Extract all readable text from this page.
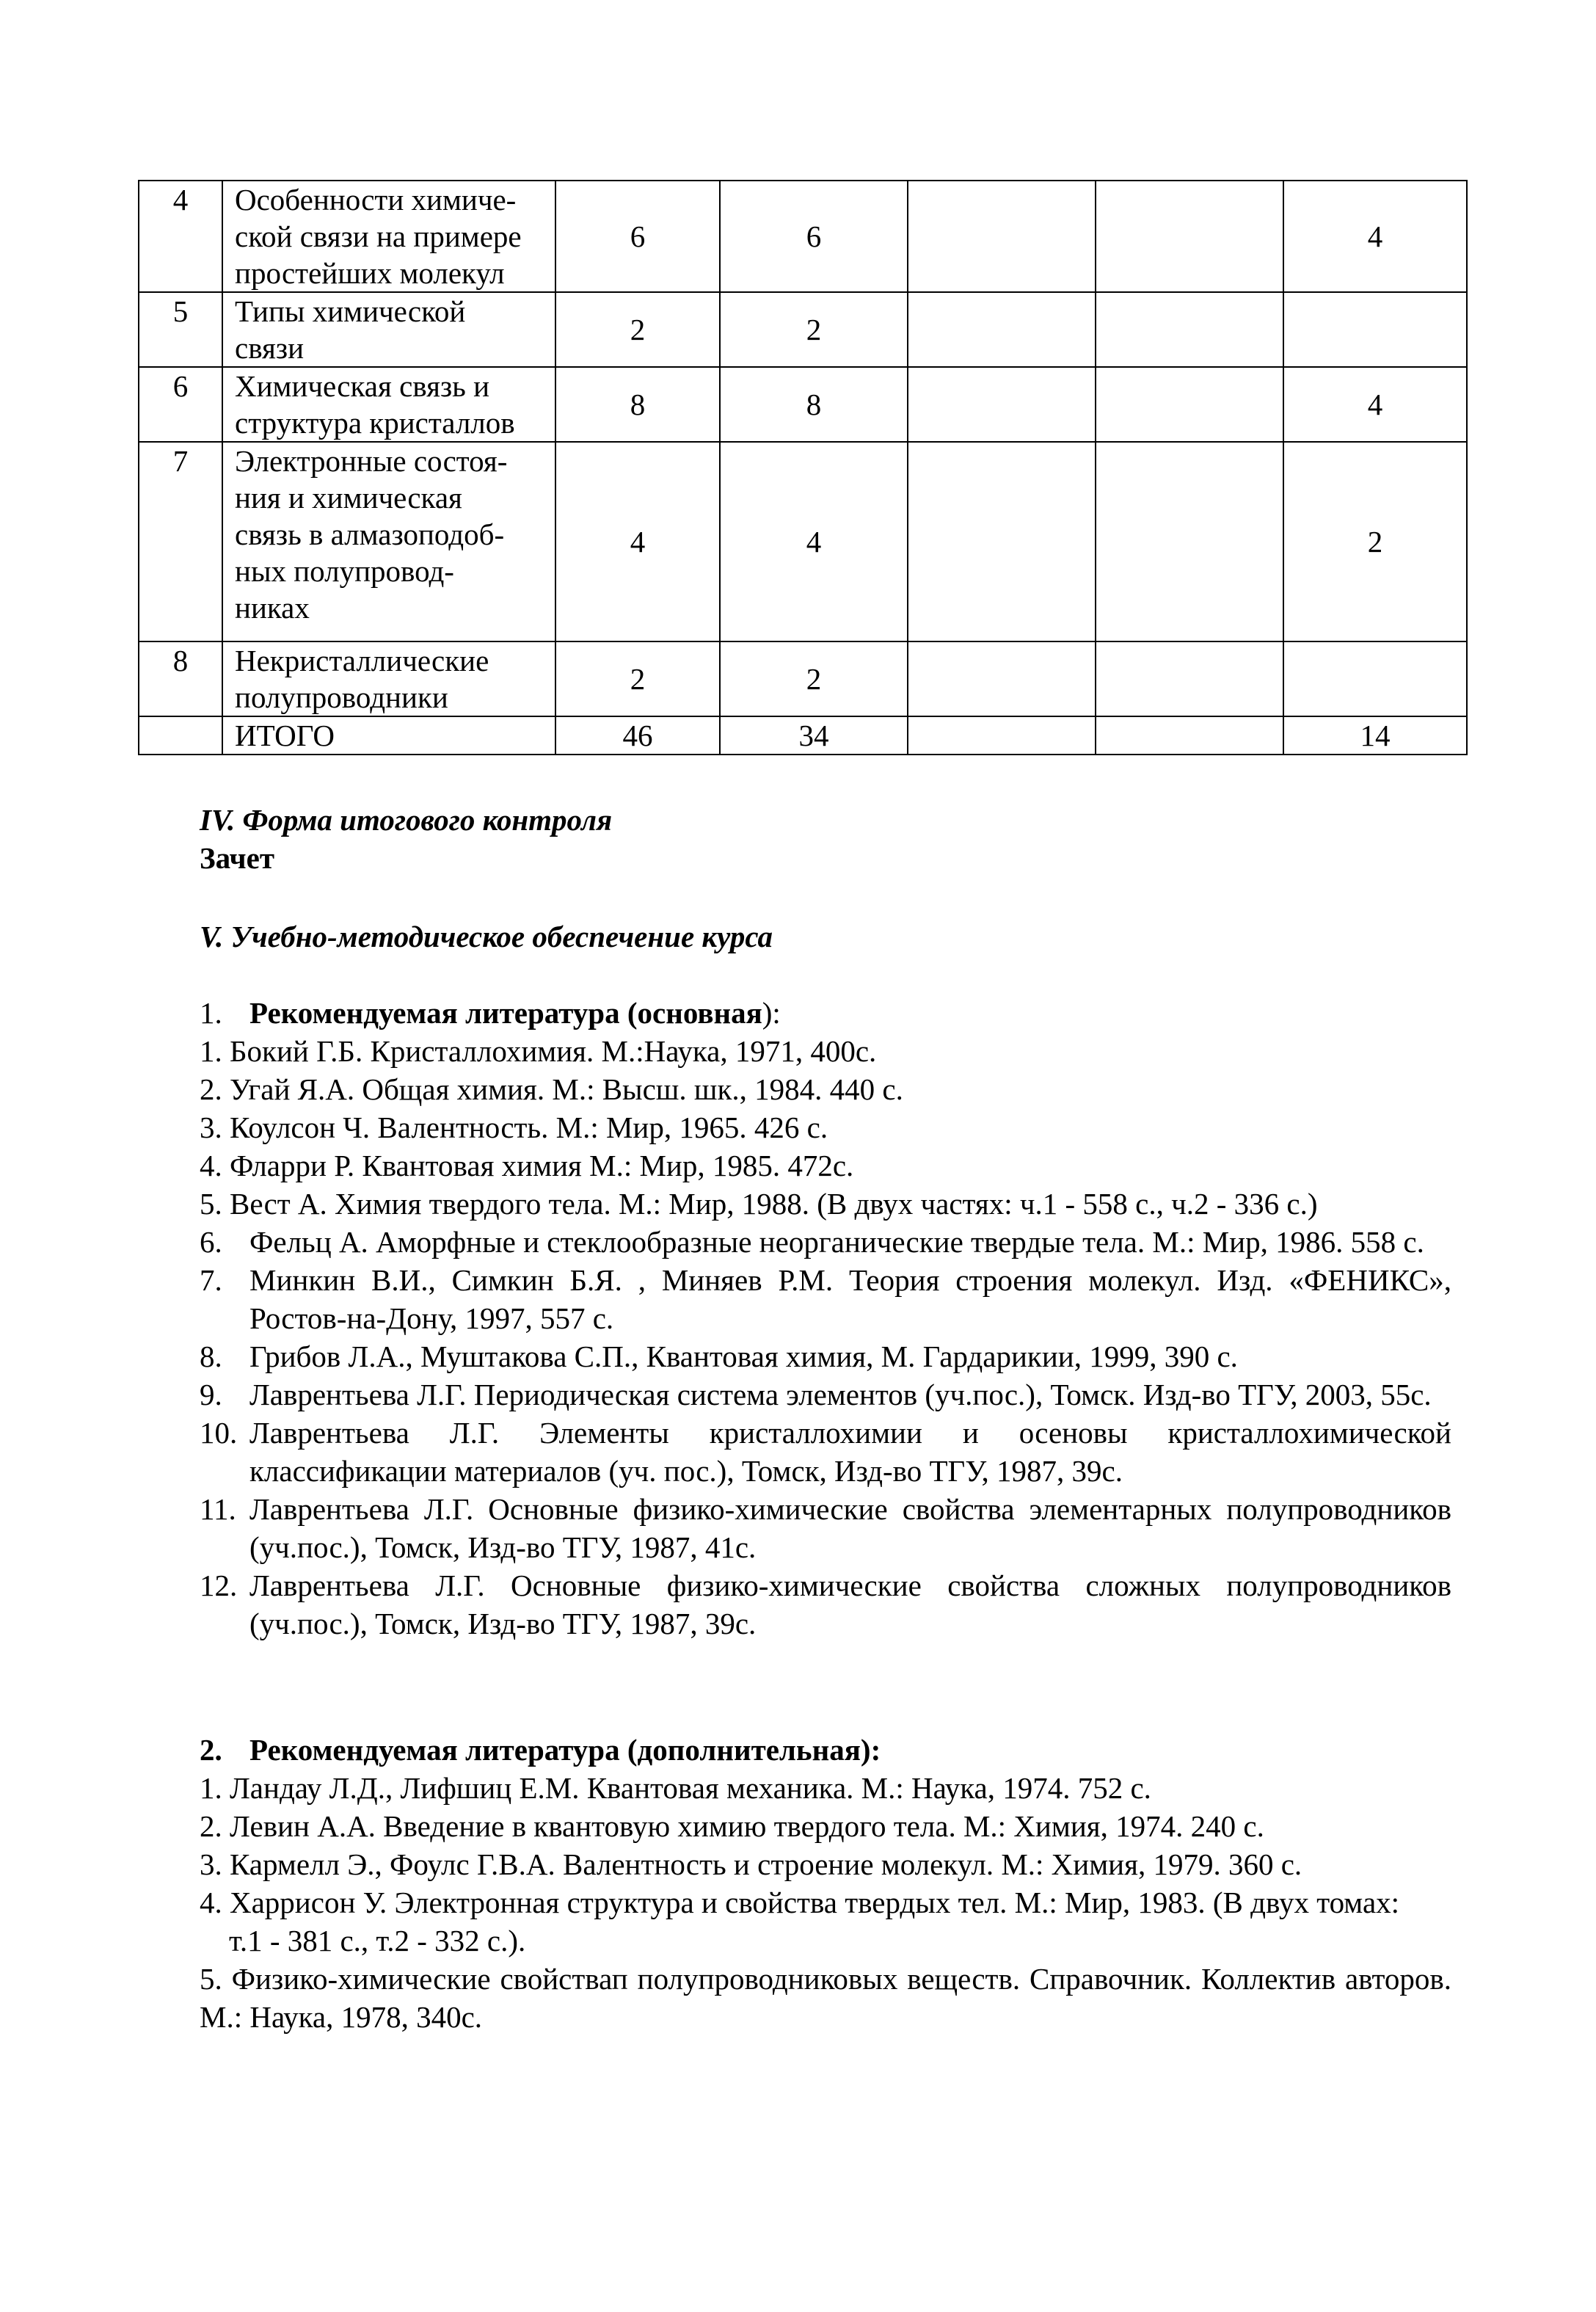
4	Особенности химиче-
ской связи на примере
простейших молекул	6	6			4
5	Типы химической
связи	2	2			
6	Химическая связь и
структура кристаллов	8	8			4
7	Электронные состоя-
ния и химическая
связь в алмазоподоб-
ных полупровод-
никах	4	4			2
8	Некристаллические
полупроводники	2	2			
	ИТОГО	46	34			14

IV. Форма итогового контроля

Зачет

V. Учебно-методическое обеспечение курса

1. Рекомендуемая литература (основная):
1. Бокий Г.Б. Кристаллохимия. М.:Наука, 1971, 400с.
2. Угай Я.А. Общая химия. М.: Высш. шк., 1984. 440 с.
3. Коулсон Ч. Валентность. М.: Мир, 1965. 426 с.
4. Фларри Р. Квантовая химия М.: Мир, 1985. 472с.
5. Вест А. Химия твердого тела. М.: Мир, 1988. (В двух частях: ч.1 - 558 с., ч.2 - 336 с.)
6. Фельц А. Аморфные и стеклообразные неорганические твердые тела. М.: Мир, 1986. 558 с.
7. Минкин В.И., Симкин Б.Я. , Миняев Р.М. Теория строения молекул. Изд. «ФЕНИКС», Ростов-на-Дону, 1997, 557 с.
8. Грибов Л.А., Муштакова С.П., Квантовая химия, М. Гардарикии, 1999, 390 с.
9. Лаврентьева Л.Г. Периодическая система элементов (уч.пос.), Томск. Изд-во ТГУ, 2003, 55с.
10. Лаврентьева Л.Г. Элементы кристаллохимии и осеновы кристаллохимической классификации материалов (уч. пос.), Томск, Изд-во ТГУ, 1987, 39с.
11. Лаврентьева Л.Г. Основные физико-химические свойства элементарных полупроводников (уч.пос.), Томск, Изд-во ТГУ, 1987, 41с.
12. Лаврентьева Л.Г. Основные физико-химические свойства сложных полупроводников (уч.пос.), Томск, Изд-во ТГУ, 1987, 39с.
2. Рекомендуемая литература (дополнительная):
1. Ландау Л.Д., Лифшиц Е.М. Квантовая механика. М.: Наука, 1974. 752 с.
2. Левин А.А. Введение в квантовую химию твердого тела. М.: Химия, 1974. 240 с.
3. Кармелл Э., Фоулс Г.В.А. Валентность и строение молекул. М.: Химия, 1979. 360 с.
4. Харрисон У. Электронная структура и свойства твердых тел. М.: Мир, 1983. (В двух томах:
т.1 - 381 с., т.2 - 332 с.).
5. Физико-химические свойствап полупроводниковых веществ. Справочник. Коллектив авторов. М.: Наука, 1978, 340с.
